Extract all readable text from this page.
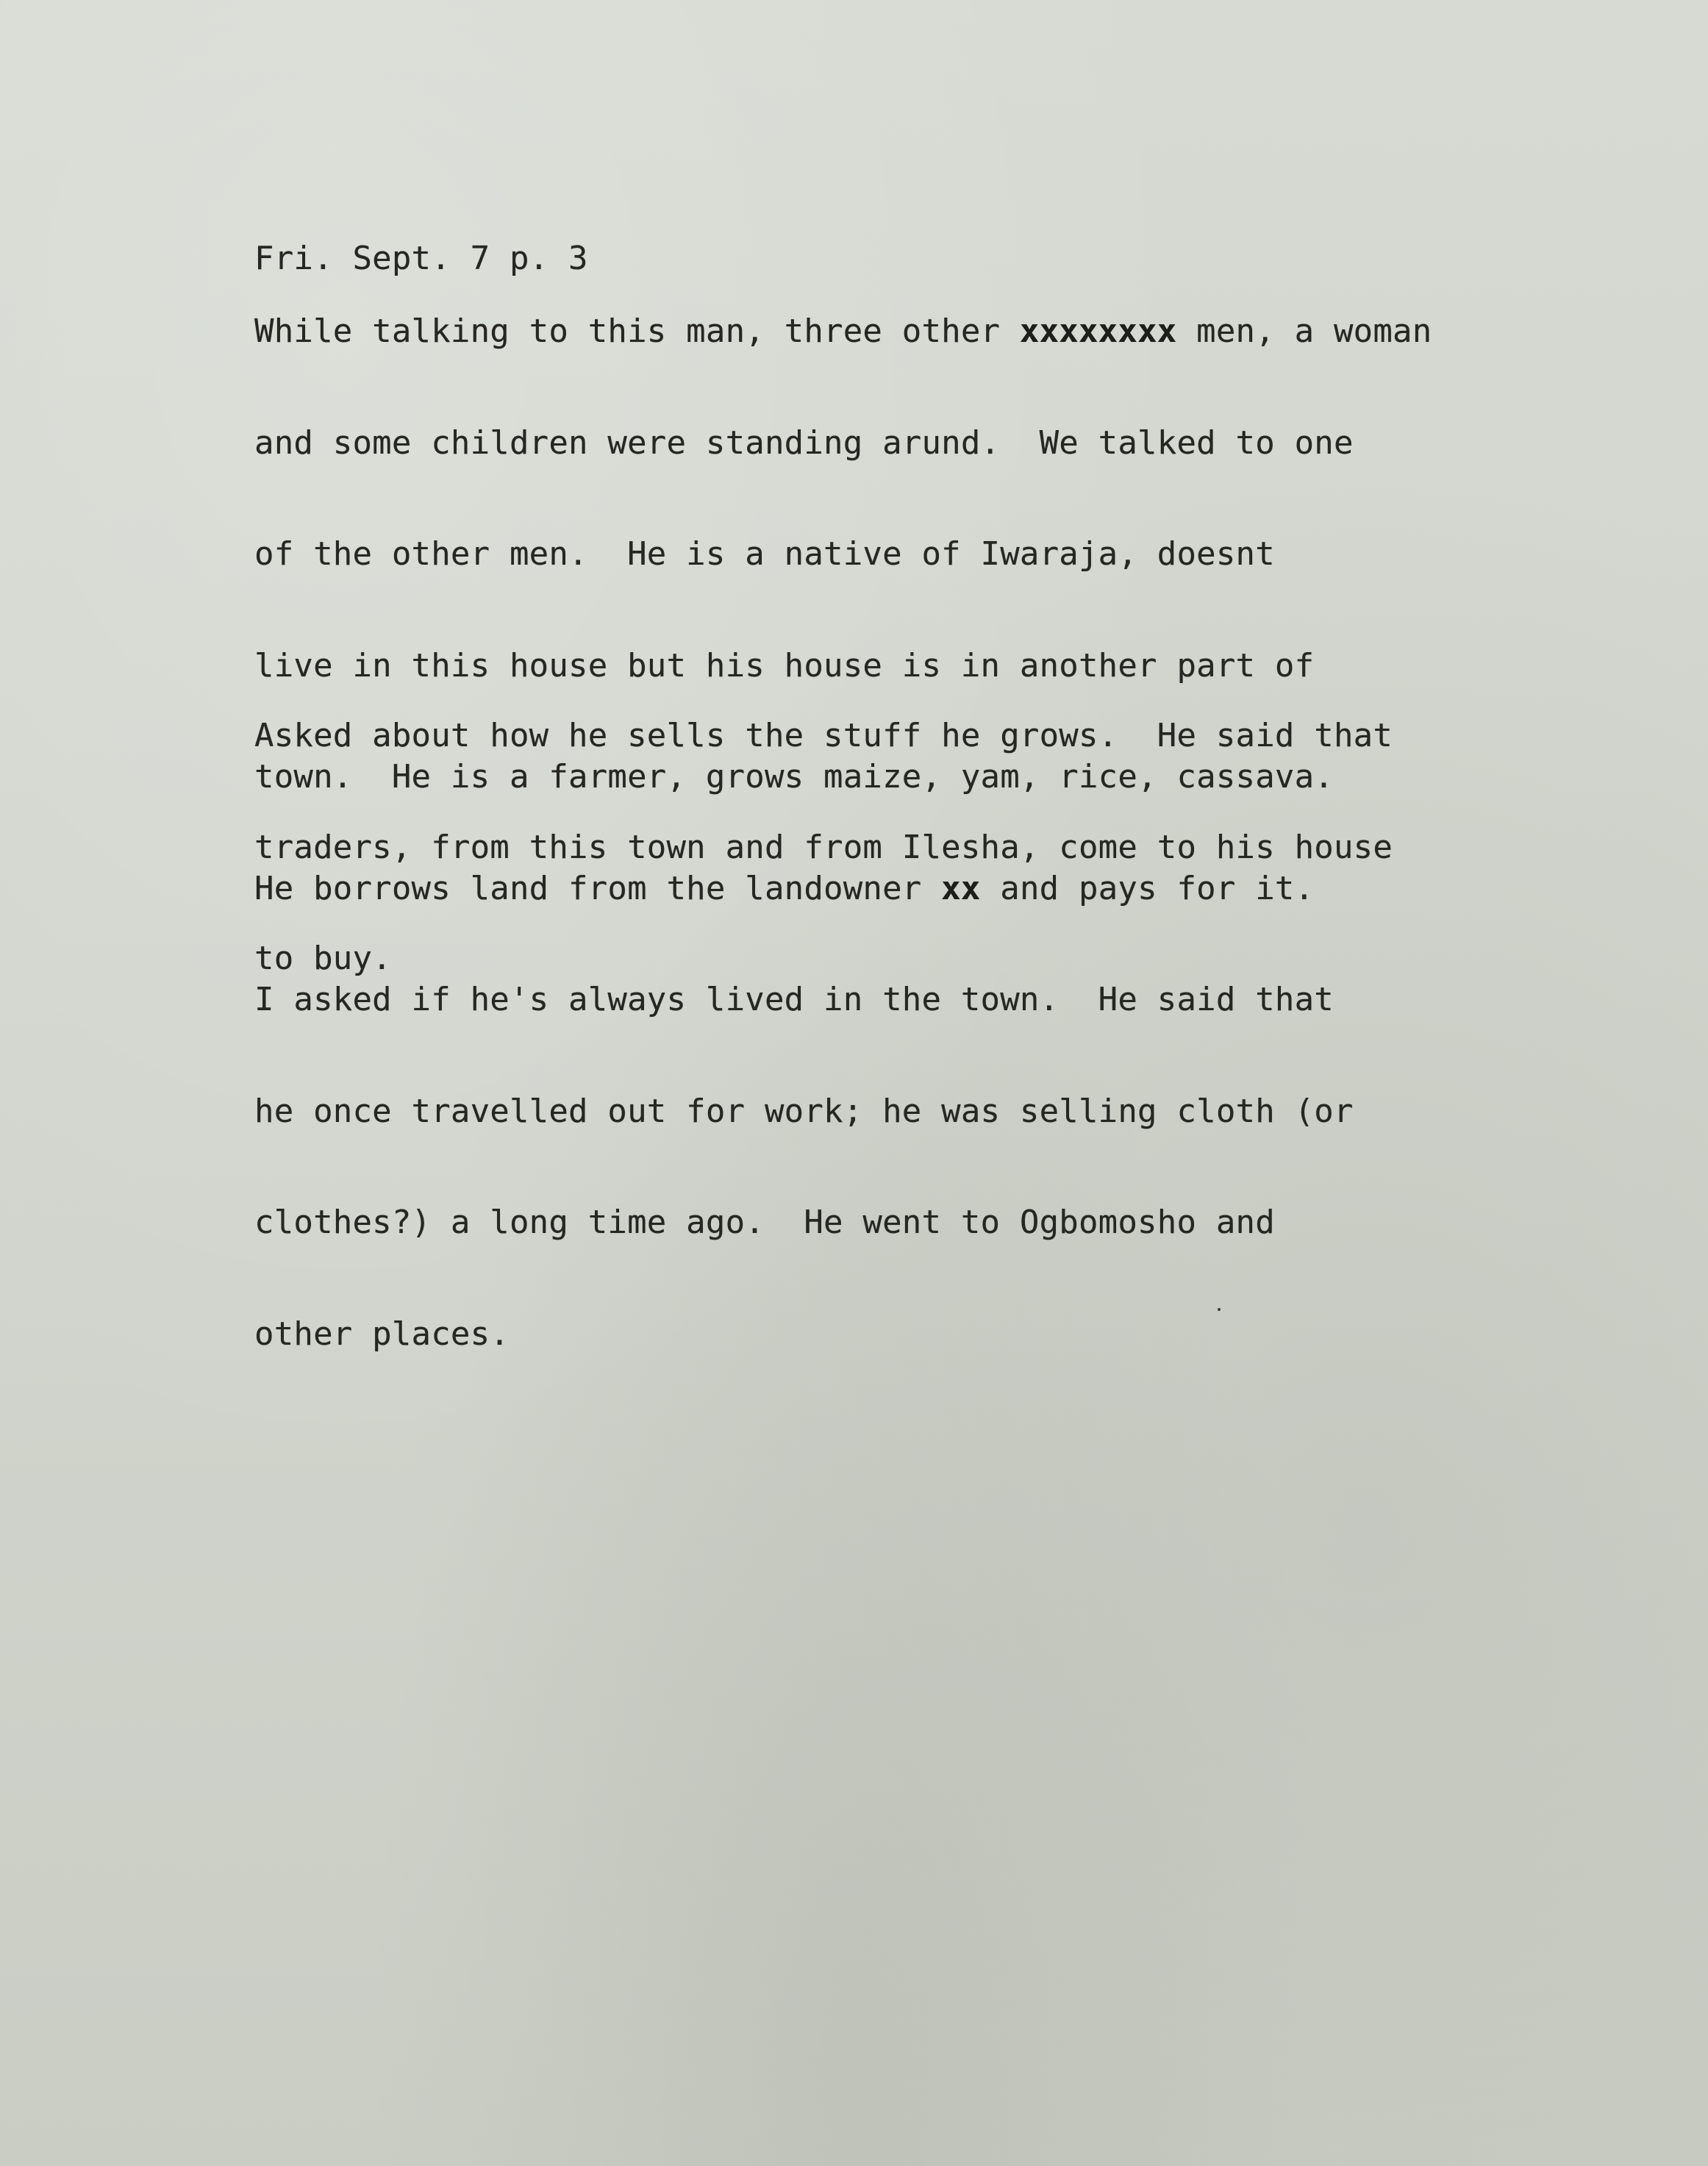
Fri. Sept. 7 p. 3

While talking to this man, three other xxxxxxxx men, a woman

and some children were standing arund.  We talked to one

of the other men.  He is a native of Iwaraja, doesnt

live in this house but his house is in another part of

town.  He is a farmer, grows maize, yam, rice, cassava.

He borrows land from the landowner xx and pays for it.

I asked if he's always lived in the town.  He said that

he once travelled out for work; he was selling cloth (or

clothes?) a long time ago.  He went to Ogbomosho and

other places.

Asked about how he sells the stuff he grows.  He said that

traders, from this town and from Ilesha, come to his house

to buy.
